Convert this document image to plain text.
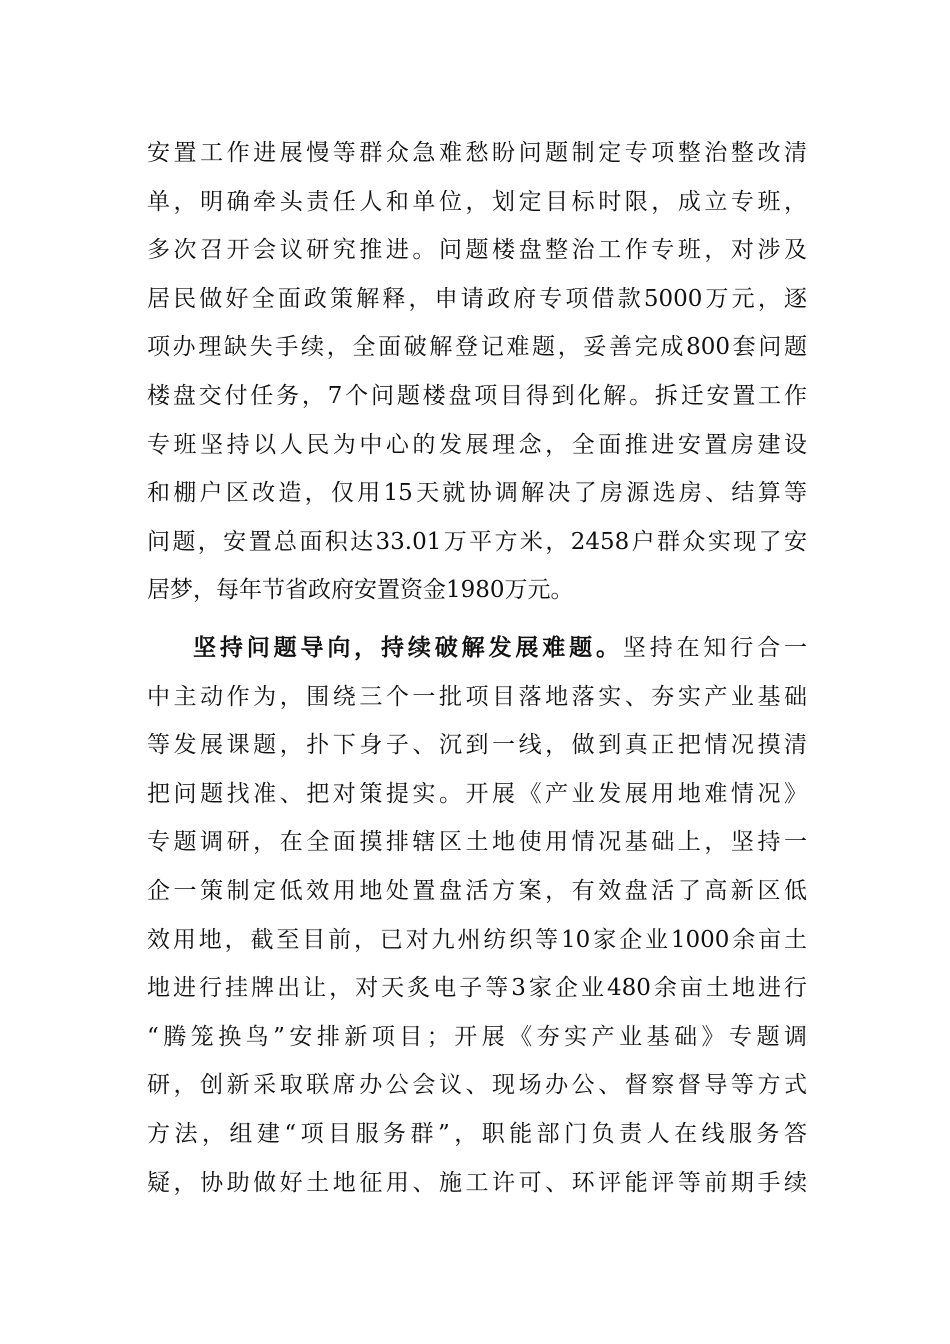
安置工作进展慢等群众急难愁盼问题制定专项整治整改清
单，明确牵头责任人和单位，划定目标时限，成立专班，
多次召开会议研究推进。问题楼盘整治工作专班，对涉及
居民做好全面政策解释，申请政府专项借款5000万元，逐
项办理缺失手续，全面破解登记难题，妥善完成800套问题
楼盘交付任务，7个问题楼盘项目得到化解。拆迁安置工作
专班坚持以人民为中心的发展理念，全面推进安置房建设
和棚户区改造，仅用15天就协调解决了房源选房、结算等
问题，安置总面积达33.01万平方米，2458户群众实现了安
居梦，每年节省政府安置资金1980万元。
坚持问题导向，持续破解发展难题。坚持在知行合一
中主动作为，围绕三个一批项目落地落实、夯实产业基础
等发展课题，扑下身子、沉到一线，做到真正把情况摸清
把问题找准、把对策提实。开展《产业发展用地难情况》
专题调研，在全面摸排辖区土地使用情况基础上，坚持一
企一策制定低效用地处置盘活方案，有效盘活了高新区低
效用地，截至目前，已对九州纺织等10家企业1000余亩土
地进行挂牌出让，对天炙电子等3家企业480余亩土地进行
“腾笼换鸟”安排新项目；开展《夯实产业基础》专题调
研，创新采取联席办公会议、现场办公、督察督导等方式
方法，组建“项目服务群”，职能部门负责人在线服务答
疑，协助做好土地征用、施工许可、环评能评等前期手续
